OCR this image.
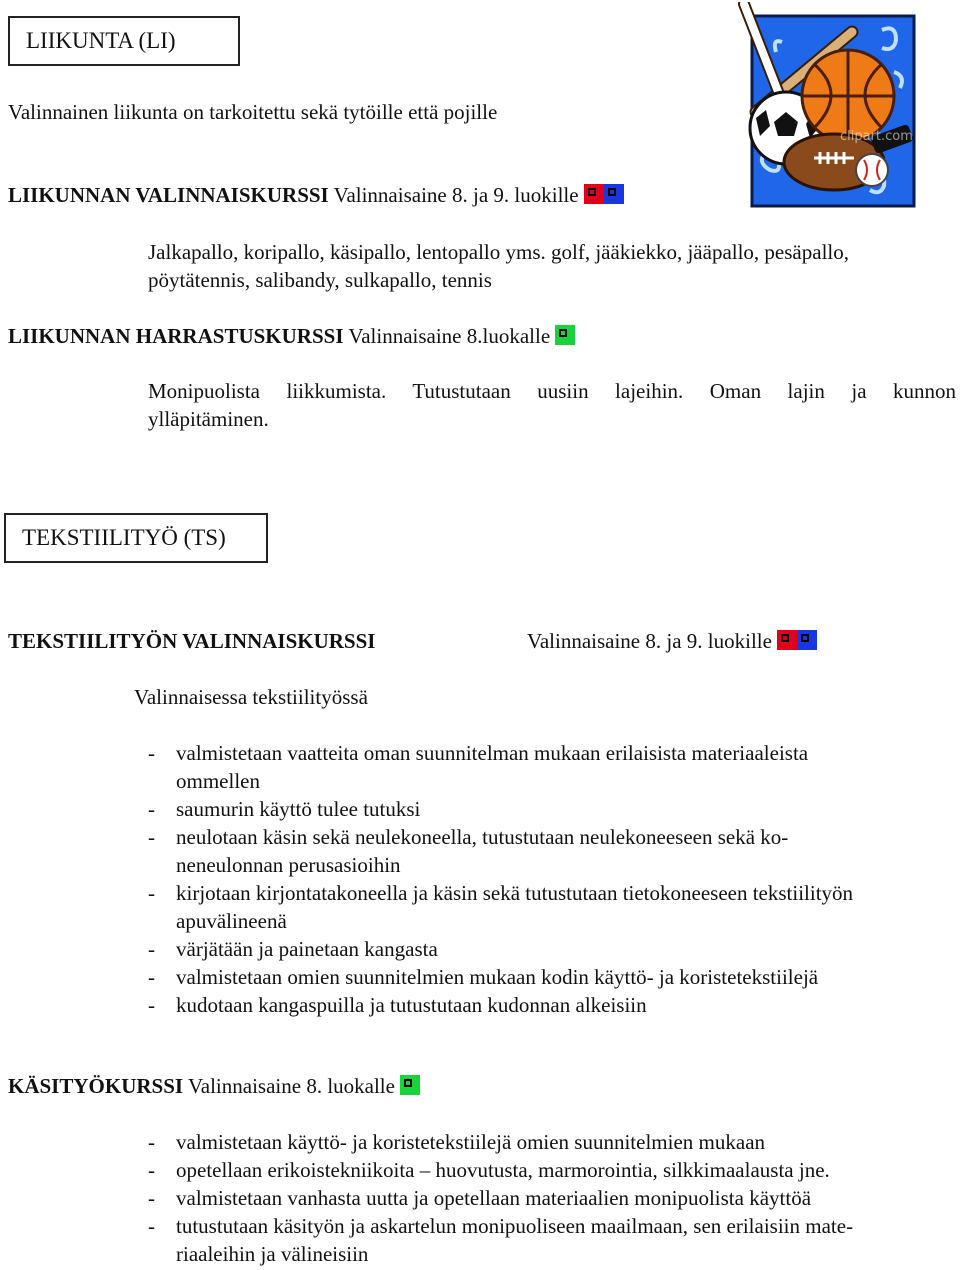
LIIKUNTA (LI)
clipart.com
Valinnainen liikunta on tarkoitettu sekä tytöille että pojille
LIIKUNNAN VALINNAISKURSSI Valinnaisaine 8. ja 9. luokille
Jalkapallo, koripallo, käsipallo, lentopallo yms. golf, jääkiekko, jääpallo, pesäpallo,
pöytätennis, salibandy, sulkapallo, tennis
LIIKUNNAN HARRASTUSKURSSI Valinnaisaine 8.luokalle
Monipuolista liikkumista. Tutustutaan uusiin lajeihin. Oman lajin ja kunnon
ylläpitäminen.
TEKSTIILITYÖ (TS)
TEKSTIILITYÖN VALINNAISKURSSI	Valinnaisaine 8. ja 9. luokille
Valinnaisessa tekstiilityössä
- valmistetaan vaatteita oman suunnitelman mukaan erilaisista materiaaleista
ommellen
- saumurin käyttö tulee tutuksi
- neulotaan käsin sekä neulekoneella, tutustutaan neulekoneeseen sekä ko-
neneulonnan perusasioihin
- kirjotaan kirjontatakoneella ja käsin sekä tutustutaan tietokoneeseen tekstiilityön
apuvälineenä
- värjätään ja painetaan kangasta
- valmistetaan omien suunnitelmien mukaan kodin käyttö- ja koristetekstiilejä
- kudotaan kangaspuilla ja tutustutaan kudonnan alkeisiin
KÄSITYÖKURSSI Valinnaisaine 8. luokalle
- valmistetaan käyttö- ja koristetekstiilejä omien suunnitelmien mukaan
- opetellaan erikoistekniikoita – huovutusta, marmorointia, silkkimaalausta jne.
- valmistetaan vanhasta uutta ja opetellaan materiaalien monipuolista käyttöä
- tutustutaan käsityön ja askartelun monipuoliseen maailmaan, sen erilaisiin mate-
riaaleihin ja välineisiin
